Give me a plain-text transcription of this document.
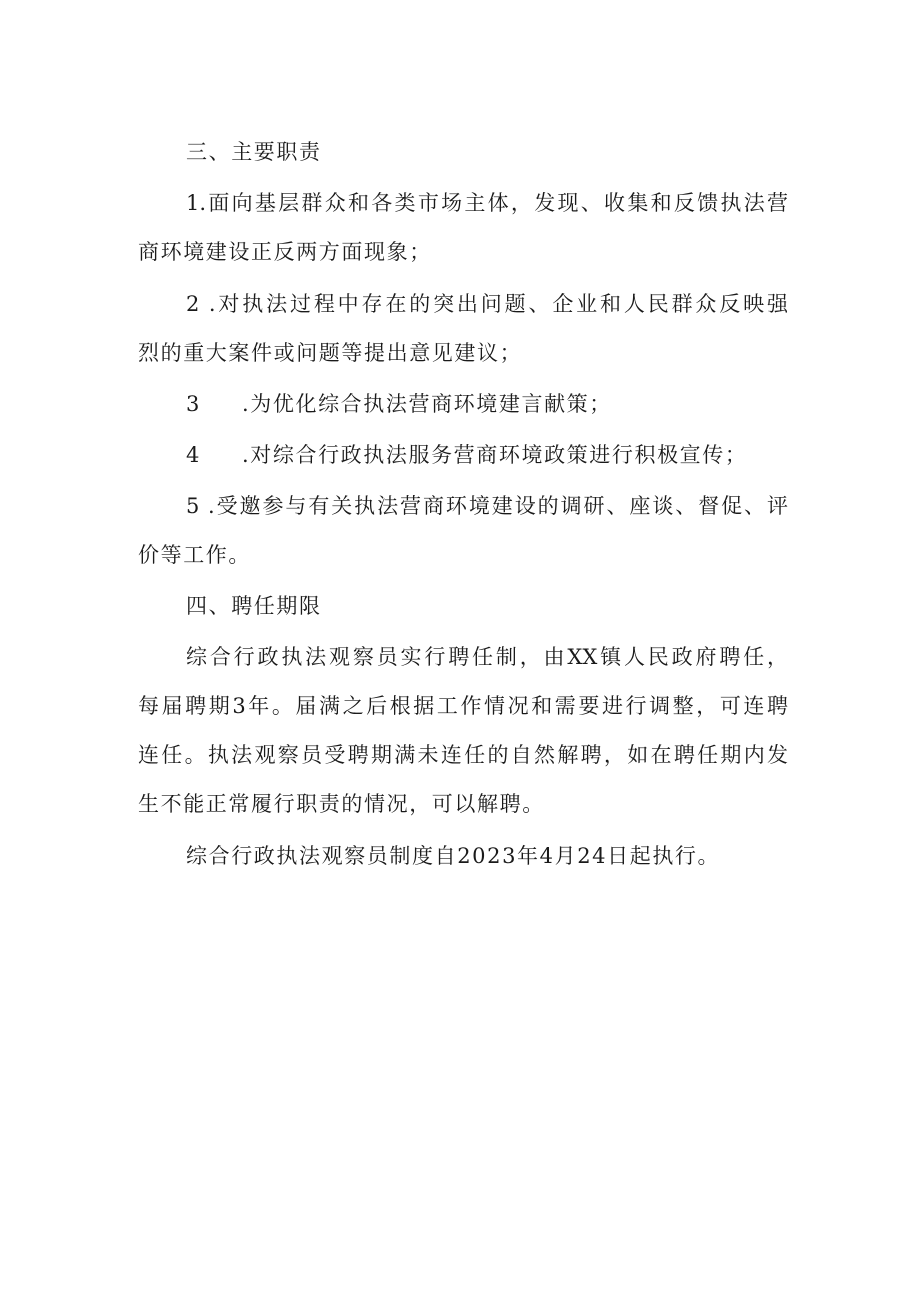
三、主要职责
1.面向基层群众和各类市场主体，发现、收集和反馈执法营
商环境建设正反两方面现象；
2 .对执法过程中存在的突出问题、企业和人民群众反映强
烈的重大案件或问题等提出意见建议；
3 .为优化综合执法营商环境建言献策；
4 .对综合行政执法服务营商环境政策进行积极宣传；
5 .受邀参与有关执法营商环境建设的调研、座谈、督促、评
价等工作。
四、聘任期限
综合行政执法观察员实行聘任制，由XX镇人民政府聘任，
每届聘期3年。届满之后根据工作情况和需要进行调整，可连聘
连任。执法观察员受聘期满未连任的自然解聘，如在聘任期内发
生不能正常履行职责的情况，可以解聘。
综合行政执法观察员制度自2023年4月24日起执行。
